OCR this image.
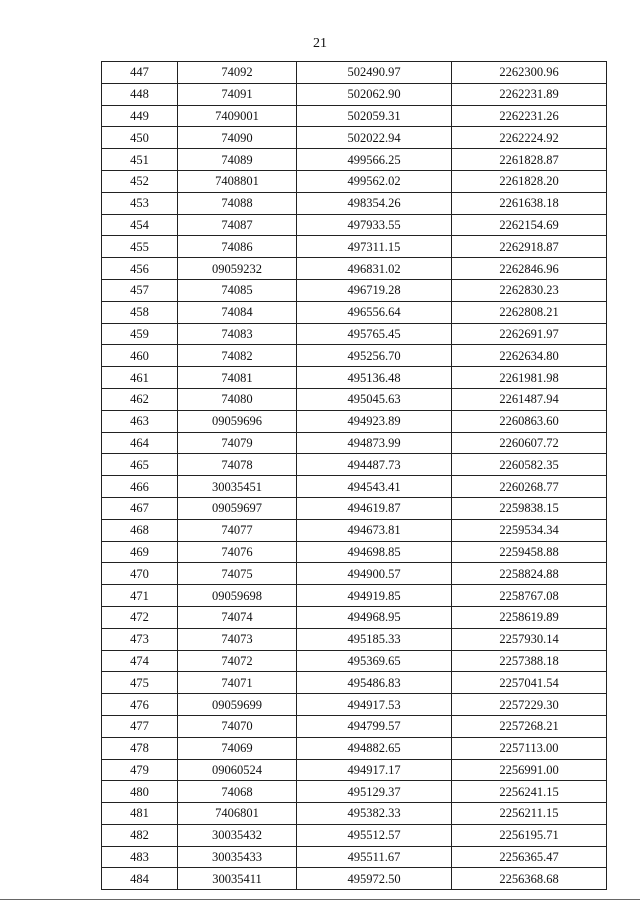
21
447	74092	502490.97	2262300.96
448	74091	502062.90	2262231.89
449	7409001	502059.31	2262231.26
450	74090	502022.94	2262224.92
451	74089	499566.25	2261828.87
452	7408801	499562.02	2261828.20
453	74088	498354.26	2261638.18
454	74087	497933.55	2262154.69
455	74086	497311.15	2262918.87
456	09059232	496831.02	2262846.96
457	74085	496719.28	2262830.23
458	74084	496556.64	2262808.21
459	74083	495765.45	2262691.97
460	74082	495256.70	2262634.80
461	74081	495136.48	2261981.98
462	74080	495045.63	2261487.94
463	09059696	494923.89	2260863.60
464	74079	494873.99	2260607.72
465	74078	494487.73	2260582.35
466	30035451	494543.41	2260268.77
467	09059697	494619.87	2259838.15
468	74077	494673.81	2259534.34
469	74076	494698.85	2259458.88
470	74075	494900.57	2258824.88
471	09059698	494919.85	2258767.08
472	74074	494968.95	2258619.89
473	74073	495185.33	2257930.14
474	74072	495369.65	2257388.18
475	74071	495486.83	2257041.54
476	09059699	494917.53	2257229.30
477	74070	494799.57	2257268.21
478	74069	494882.65	2257113.00
479	09060524	494917.17	2256991.00
480	74068	495129.37	2256241.15
481	7406801	495382.33	2256211.15
482	30035432	495512.57	2256195.71
483	30035433	495511.67	2256365.47
484	30035411	495972.50	2256368.68
